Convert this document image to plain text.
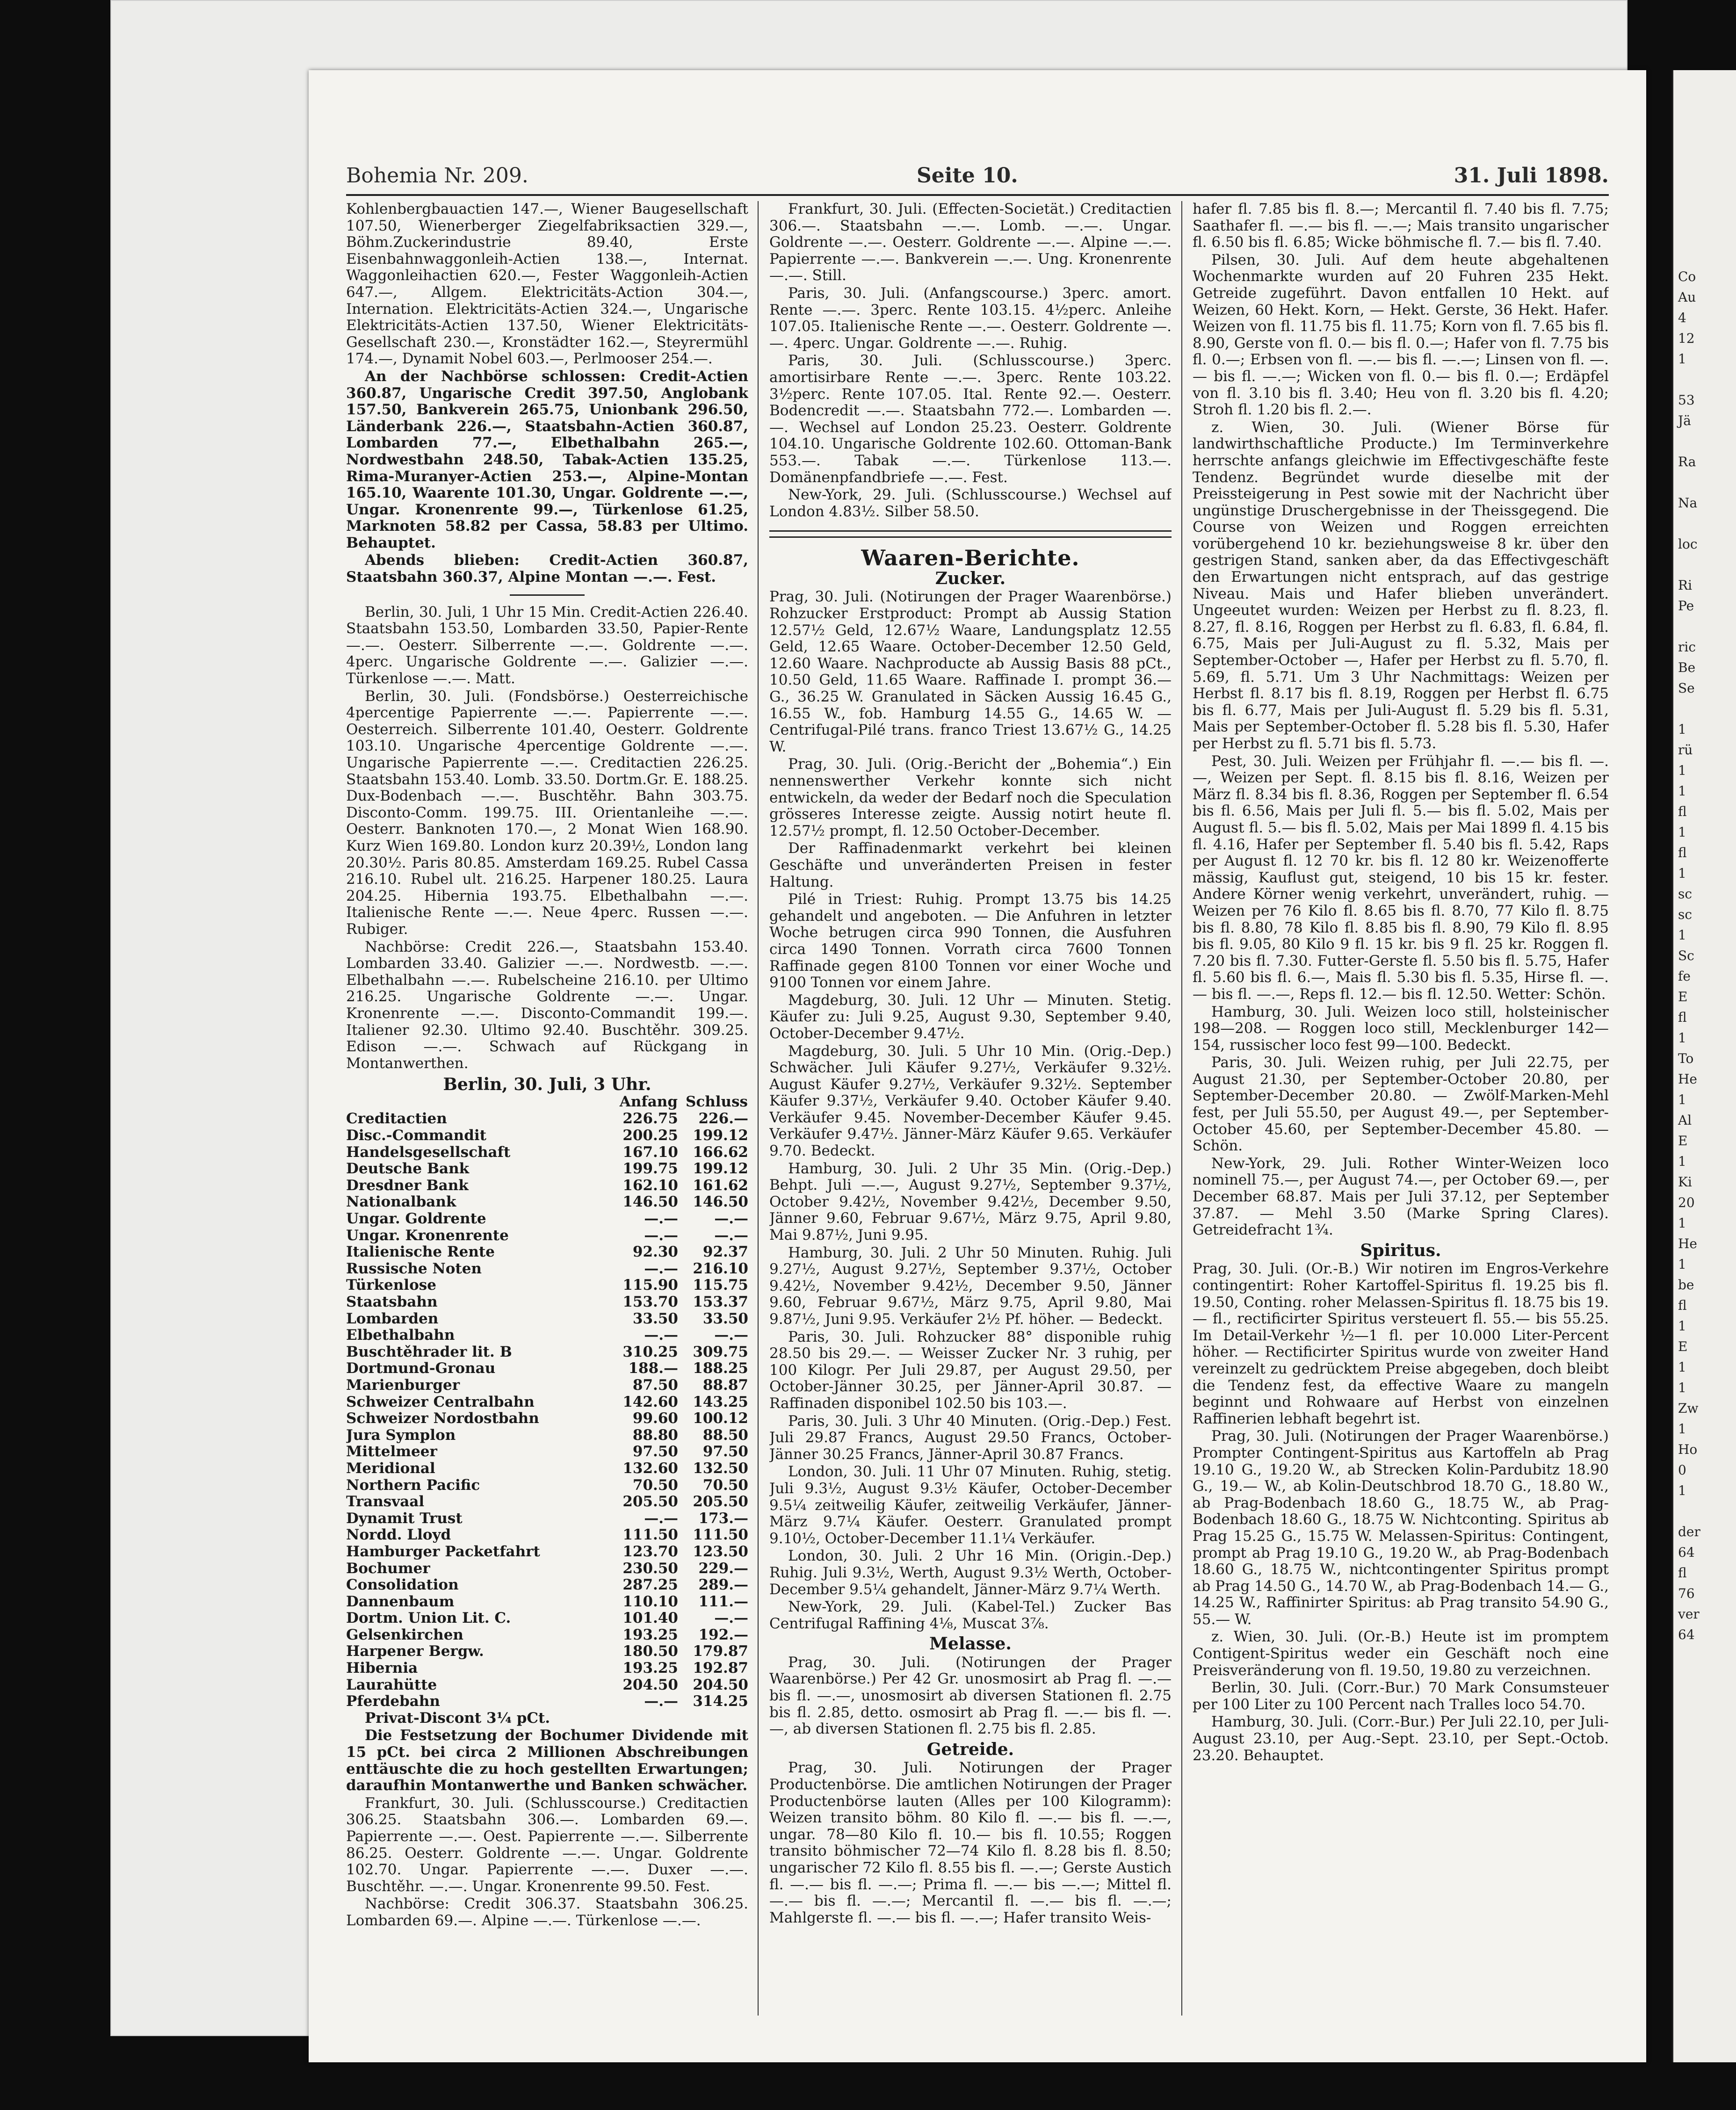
Bohemia Nr. 209.	Seite 10.	31. Juli 1898.

Kohlenbergbauactien 147.—, Wiener Baugesellschaft 107.50, Wienerberger Ziegelfabriksactien 329.—, Böhm.Zuckerindustrie 89.40, Erste Eisenbahnwaggonleih-Actien 138.—, Internat. Waggonleihactien 620.—, Fester Waggonleih-Actien 647.—, Allgem. Elektricitäts-Action 304.—, Internation. Elektricitäts-Actien 324.—, Ungarische Elektricitäts-Actien 137.50, Wiener Elektricitäts-Gesellschaft 230.—, Kronstädter 162.—, Steyrermühl 174.—, Dynamit Nobel 603.—, Perlmooser 254.—.

An der Nachbörse schlossen: Credit-Actien 360.87, Ungarische Credit 397.50, Anglobank 157.50, Bankverein 265.75, Unionbank 296.50, Länderbank 226.—, Staatsbahn-Actien 360.87, Lombarden 77.—, Elbethalbahn 265.—, Nordwestbahn 248.50, Tabak-Actien 135.25, Rima-Muranyer-Actien 253.—, Alpine-Montan 165.10, Waarente 101.30, Ungar. Goldrente —.—, Ungar. Kronenrente 99.—, Türkenlose 61.25, Marknoten 58.82 per Cassa, 58.83 per Ultimo. Behauptet.

Abends blieben: Credit-Actien 360.87, Staatsbahn 360.37, Alpine Montan —.—. Fest.

Berlin, 30. Juli, 1 Uhr 15 Min. Credit-Actien 226.40. Staatsbahn 153.50, Lombarden 33.50, Papier-Rente —.—. Oesterr. Silberrente —.—. Goldrente —.—. 4perc. Ungarische Goldrente —.—. Galizier —.—. Türkenlose —.—. Matt.

Berlin, 30. Juli. (Fondsbörse.) Oesterreichische 4percentige Papierrente —.—. Papierrente —.—. Oesterreich. Silberrente 101.40, Oesterr. Goldrente 103.10. Ungarische 4percentige Goldrente —.—. Ungarische Papierrente —.—. Creditactien 226.25. Staatsbahn 153.40. Lomb. 33.50. Dortm.Gr. E. 188.25. Dux-Bodenbach —.—. Buschtěhr. Bahn 303.75. Disconto-Comm. 199.75. III. Orientanleihe —.—. Oesterr. Banknoten 170.—, 2 Monat Wien 168.90. Kurz Wien 169.80. London kurz 20.39½, London lang 20.30½. Paris 80.85. Amsterdam 169.25. Rubel Cassa 216.10. Rubel ult. 216.25. Harpener 180.25. Laura 204.25. Hibernia 193.75. Elbethalbahn —.—. Italienische Rente —.—. Neue 4perc. Russen —.—. Rubiger.

Nachbörse: Credit 226.—, Staatsbahn 153.40. Lombarden 33.40. Galizier —.—. Nordwestb. —.—. Elbethalbahn —.—. Rubelscheine 216.10. per Ultimo 216.25. Ungarische Goldrente —.—. Ungar. Kronenrente —.—. Disconto-Commandit 199.—. Italiener 92.30. Ultimo 92.40. Buschtěhr. 309.25. Edison —.—. Schwach auf Rückgang in Montanwerthen.

Berlin, 30. Juli, 3 Uhr.
	Anfang	Schluss
Creditactien	226.75	226.—
Disc.-Commandit	200.25	199.12
Handelsgesellschaft	167.10	166.62
Deutsche Bank	199.75	199.12
Dresdner Bank	162.10	161.62
Nationalbank	146.50	146.50
Ungar. Goldrente	—.—	—.—
Ungar. Kronenrente	—.—	—.—
Italienische Rente	92.30	92.37
Russische Noten	—.—	216.10
Türkenlose	115.90	115.75
Staatsbahn	153.70	153.37
Lombarden	33.50	33.50
Elbethalbahn	—.—	—.—
Buschtěhrader lit. B	310.25	309.75
Dortmund-Gronau	188.—	188.25
Marienburger	87.50	88.87
Schweizer Centralbahn	142.60	143.25
Schweizer Nordostbahn	99.60	100.12
Jura Symplon	88.80	88.50
Mittelmeer	97.50	97.50
Meridional	132.60	132.50
Northern Pacific	70.50	70.50
Transvaal	205.50	205.50
Dynamit Trust	—.—	173.—
Nordd. Lloyd	111.50	111.50
Hamburger Packetfahrt	123.70	123.50
Bochumer	230.50	229.—
Consolidation	287.25	289.—
Dannenbaum	110.10	111.—
Dortm. Union Lit. C.	101.40	—.—
Gelsenkirchen	193.25	192.—
Harpener Bergw.	180.50	179.87
Hibernia	193.25	192.87
Laurahütte	204.50	204.50
Pferdebahn	—.—	314.25

Privat-Discont 3¼ pCt.

Die Festsetzung der Bochumer Dividende mit 15 pCt. bei circa 2 Millionen Abschreibungen enttäuschte die zu hoch gestellten Erwartungen; daraufhin Montanwerthe und Banken schwächer.

Frankfurt, 30. Juli. (Schlusscourse.) Creditactien 306.25. Staatsbahn 306.—. Lombarden 69.—. Papierrente —.—. Oest. Papierrente —.—. Silberrente 86.25. Oesterr. Goldrente —.—. Ungar. Goldrente 102.70. Ungar. Papierrente —.—. Duxer —.—. Buschtěhr. —.—. Ungar. Kronenrente 99.50. Fest.

Nachbörse: Credit 306.37. Staatsbahn 306.25. Lombarden 69.—. Alpine —.—. Türkenlose —.—.

Frankfurt, 30. Juli. (Effecten-Societät.) Creditactien 306.—. Staatsbahn —.—. Lomb. —.—. Ungar. Goldrente —.—. Oesterr. Goldrente —.—. Alpine —.—. Papierrente —.—. Bankverein —.—. Ung. Kronenrente —.—. Still.

Paris, 30. Juli. (Anfangscourse.) 3perc. amort. Rente —.—. 3perc. Rente 103.15. 4½perc. Anleihe 107.05. Italienische Rente —.—. Oesterr. Goldrente —.—. 4perc. Ungar. Goldrente —.—. Ruhig.

Paris, 30. Juli. (Schlusscourse.) 3perc. amortisirbare Rente —.—. 3perc. Rente 103.22. 3½perc. Rente 107.05. Ital. Rente 92.—. Oesterr. Bodencredit —.—. Staatsbahn 772.—. Lombarden —.—. Wechsel auf London 25.23. Oesterr. Goldrente 104.10. Ungarische Goldrente 102.60. Ottoman-Bank 553.—. Tabak —.—. Türkenlose 113.—. Domänenpfandbriefe —.—. Fest.

New-York, 29. Juli. (Schlusscourse.) Wechsel auf London 4.83½. Silber 58.50.

Waaren-Berichte.
Zucker.

Prag, 30. Juli. (Notirungen der Prager Waarenbörse.) Rohzucker Erstproduct: Prompt ab Aussig Station 12.57½ Geld, 12.67½ Waare, Landungsplatz 12.55 Geld, 12.65 Waare. October-December 12.50 Geld, 12.60 Waare. Nachproducte ab Aussig Basis 88 pCt., 10.50 Geld, 11.65 Waare. Raffinade I. prompt 36.— G., 36.25 W. Granulated in Säcken Aussig 16.45 G., 16.55 W., fob. Hamburg 14.55 G., 14.65 W. — Centrifugal-Pilé trans. franco Triest 13.67½ G., 14.25 W.

Prag, 30. Juli. (Orig.-Bericht der „Bohemia“.) Ein nennenswerther Verkehr konnte sich nicht entwickeln, da weder der Bedarf noch die Speculation grösseres Interesse zeigte. Aussig notirt heute fl. 12.57½ prompt, fl. 12.50 October-December.

Der Raffinadenmarkt verkehrt bei kleinen Geschäfte und unveränderten Preisen in fester Haltung.

Pilé in Triest: Ruhig. Prompt 13.75 bis 14.25 gehandelt und angeboten. — Die Anfuhren in letzter Woche betrugen circa 990 Tonnen, die Ausfuhren circa 1490 Tonnen. Vorrath circa 7600 Tonnen Raffinade gegen 8100 Tonnen vor einer Woche und 9100 Tonnen vor einem Jahre.

Magdeburg, 30. Juli. 12 Uhr — Minuten. Stetig. Käufer zu: Juli 9.25, August 9.30, September 9.40, October-December 9.47½.

Magdeburg, 30. Juli. 5 Uhr 10 Min. (Orig.-Dep.) Schwächer. Juli Käufer 9.27½, Verkäufer 9.32½. August Käufer 9.27½, Verkäufer 9.32½. September Käufer 9.37½, Verkäufer 9.40. October Käufer 9.40. Verkäufer 9.45. November-December Käufer 9.45. Verkäufer 9.47½. Jänner-März Käufer 9.65. Verkäufer 9.70. Bedeckt.

Hamburg, 30. Juli. 2 Uhr 35 Min. (Orig.-Dep.) Behpt. Juli —.—, August 9.27½, September 9.37½, October 9.42½, November 9.42½, December 9.50, Jänner 9.60, Februar 9.67½, März 9.75, April 9.80, Mai 9.87½, Juni 9.95.

Hamburg, 30. Juli. 2 Uhr 50 Minuten. Ruhig. Juli 9.27½, August 9.27½, September 9.37½, October 9.42½, November 9.42½, December 9.50, Jänner 9.60, Februar 9.67½, März 9.75, April 9.80, Mai 9.87½, Juni 9.95. Verkäufer 2½ Pf. höher. — Bedeckt.

Paris, 30. Juli. Rohzucker 88° disponible ruhig 28.50 bis 29.—. — Weisser Zucker Nr. 3 ruhig, per 100 Kilogr. Per Juli 29.87, per August 29.50, per October-Jänner 30.25, per Jänner-April 30.87. — Raffinaden disponibel 102.50 bis 103.—.

Paris, 30. Juli. 3 Uhr 40 Minuten. (Orig.-Dep.) Fest. Juli 29.87 Francs, August 29.50 Francs, October-Jänner 30.25 Francs, Jänner-April 30.87 Francs.

London, 30. Juli. 11 Uhr 07 Minuten. Ruhig, stetig. Juli 9.3½, August 9.3½ Käufer, October-December 9.5¼ zeitweilig Käufer, zeitweilig Verkäufer, Jänner-März 9.7¼ Käufer. Oesterr. Granulated prompt 9.10½, October-December 11.1¼ Verkäufer.

London, 30. Juli. 2 Uhr 16 Min. (Origin.-Dep.) Ruhig. Juli 9.3½, Werth, August 9.3½ Werth, October-December 9.5¼ gehandelt, Jänner-März 9.7¼ Werth.

New-York, 29. Juli. (Kabel-Tel.) Zucker Bas Centrifugal Raffining 4⅛, Muscat 3⅞.

Melasse.

Prag, 30. Juli. (Notirungen der Prager Waarenbörse.) Per 42 Gr. unosmosirt ab Prag fl. —.— bis fl. —.—, unosmosirt ab diversen Stationen fl. 2.75 bis fl. 2.85, detto. osmosirt ab Prag fl. —.— bis fl. —.—, ab diversen Stationen fl. 2.75 bis fl. 2.85.

Getreide.

Prag, 30. Juli. Notirungen der Prager Productenbörse. Die amtlichen Notirungen der Prager Productenbörse lauten (Alles per 100 Kilogramm): Weizen transito böhm. 80 Kilo fl. —.— bis fl. —.—, ungar. 78—80 Kilo fl. 10.— bis fl. 10.55; Roggen transito böhmischer 72—74 Kilo fl. 8.28 bis fl. 8.50; ungarischer 72 Kilo fl. 8.55 bis fl. —.—; Gerste Austich fl. —.— bis fl. —.—; Prima fl. —.— bis —.—; Mittel fl. —.— bis fl. —.—; Mercantil fl. —.— bis fl. —.—; Mahlgerste fl. —.— bis fl. —.—; Hafer transito Weis-

hafer fl. 7.85 bis fl. 8.—; Mercantil fl. 7.40 bis fl. 7.75; Saathafer fl. —.— bis fl. —.—; Mais transito ungarischer fl. 6.50 bis fl. 6.85; Wicke böhmische fl. 7.— bis fl. 7.40.

Pilsen, 30. Juli. Auf dem heute abgehaltenen Wochenmarkte wurden auf 20 Fuhren 235 Hekt. Getreide zugeführt. Davon entfallen 10 Hekt. auf Weizen, 60 Hekt. Korn, — Hekt. Gerste, 36 Hekt. Hafer. Weizen von fl. 11.75 bis fl. 11.75; Korn von fl. 7.65 bis fl. 8.90, Gerste von fl. 0.— bis fl. 0.—; Hafer von fl. 7.75 bis fl. 0.—; Erbsen von fl. —.— bis fl. —.—; Linsen von fl. —.— bis fl. —.—; Wicken von fl. 0.— bis fl. 0.—; Erdäpfel von fl. 3.10 bis fl. 3.40; Heu von fl. 3.20 bis fl. 4.20; Stroh fl. 1.20 bis fl. 2.—.

z. Wien, 30. Juli. (Wiener Börse für landwirthschaftliche Producte.) Im Terminverkehre herrschte anfangs gleichwie im Effectivgeschäfte feste Tendenz. Begründet wurde dieselbe mit der Preissteigerung in Pest sowie mit der Nachricht über ungünstige Druschergebnisse in der Theissgegend. Die Course von Weizen und Roggen erreichten vorübergehend 10 kr. beziehungsweise 8 kr. über den gestrigen Stand, sanken aber, da das Effectivgeschäft den Erwartungen nicht entsprach, auf das gestrige Niveau. Mais und Hafer blieben unverändert. Ungeeutet wurden: Weizen per Herbst zu fl. 8.23, fl. 8.27, fl. 8.16, Roggen per Herbst zu fl. 6.83, fl. 6.84, fl. 6.75, Mais per Juli-August zu fl. 5.32, Mais per September-October —, Hafer per Herbst zu fl. 5.70, fl. 5.69, fl. 5.71. Um 3 Uhr Nachmittags: Weizen per Herbst fl. 8.17 bis fl. 8.19, Roggen per Herbst fl. 6.75 bis fl. 6.77, Mais per Juli-August fl. 5.29 bis fl. 5.31, Mais per September-October fl. 5.28 bis fl. 5.30, Hafer per Herbst zu fl. 5.71 bis fl. 5.73.

Pest, 30. Juli. Weizen per Frühjahr fl. —.— bis fl. —.—, Weizen per Sept. fl. 8.15 bis fl. 8.16, Weizen per März fl. 8.34 bis fl. 8.36, Roggen per September fl. 6.54 bis fl. 6.56, Mais per Juli fl. 5.— bis fl. 5.02, Mais per August fl. 5.— bis fl. 5.02, Mais per Mai 1899 fl. 4.15 bis fl. 4.16, Hafer per September fl. 5.40 bis fl. 5.42, Raps per August fl. 12 70 kr. bis fl. 12 80 kr. Weizenofferte mässig, Kauflust gut, steigend, 10 bis 15 kr. fester. Andere Körner wenig verkehrt, unverändert, ruhig. — Weizen per 76 Kilo fl. 8.65 bis fl. 8.70, 77 Kilo fl. 8.75 bis fl. 8.80, 78 Kilo fl. 8.85 bis fl. 8.90, 79 Kilo fl. 8.95 bis fl. 9.05, 80 Kilo 9 fl. 15 kr. bis 9 fl. 25 kr. Roggen fl. 7.20 bis fl. 7.30. Futter-Gerste fl. 5.50 bis fl. 5.75, Hafer fl. 5.60 bis fl. 6.—, Mais fl. 5.30 bis fl. 5.35, Hirse fl. —.— bis fl. —.—, Reps fl. 12.— bis fl. 12.50. Wetter: Schön.

Hamburg, 30. Juli. Weizen loco still, holsteinischer 198—208. — Roggen loco still, Mecklenburger 142—154, russischer loco fest 99—100. Bedeckt.

Paris, 30. Juli. Weizen ruhig, per Juli 22.75, per August 21.30, per September-October 20.80, per September-December 20.80. — Zwölf-Marken-Mehl fest, per Juli 55.50, per August 49.—, per September-October 45.60, per September-December 45.80. — Schön.

New-York, 29. Juli. Rother Winter-Weizen loco nominell 75.—, per August 74.—, per October 69.—, per December 68.87. Mais per Juli 37.12, per September 37.87. — Mehl 3.50 (Marke Spring Clares). Getreidefracht 1¾.

Spiritus.

Prag, 30. Juli. (Or.-B.) Wir notiren im Engros-Verkehre contingentirt: Roher Kartoffel-Spiritus fl. 19.25 bis fl. 19.50, Conting. roher Melassen-Spiritus fl. 18.75 bis 19.— fl., rectificirter Spiritus versteuert fl. 55.— bis 55.25. Im Detail-Verkehr ½—1 fl. per 10.000 Liter-Percent höher. — Rectificirter Spiritus wurde von zweiter Hand vereinzelt zu gedrücktem Preise abgegeben, doch bleibt die Tendenz fest, da effective Waare zu mangeln beginnt und Rohwaare auf Herbst von einzelnen Raffinerien lebhaft begehrt ist.

Prag, 30. Juli. (Notirungen der Prager Waarenbörse.) Prompter Contingent-Spiritus aus Kartoffeln ab Prag 19.10 G., 19.20 W., ab Strecken Kolin-Pardubitz 18.90 G., 19.— W., ab Kolin-Deutschbrod 18.70 G., 18.80 W., ab Prag-Bodenbach 18.60 G., 18.75 W., ab Prag-Bodenbach 18.60 G., 18.75 W. Nichtconting. Spiritus ab Prag 15.25 G., 15.75 W. Melassen-Spiritus: Contingent, prompt ab Prag 19.10 G., 19.20 W., ab Prag-Bodenbach 18.60 G., 18.75 W., nichtcontingenter Spiritus prompt ab Prag 14.50 G., 14.70 W., ab Prag-Bodenbach 14.— G., 14.25 W., Raffinirter Spiritus: ab Prag transito 54.90 G., 55.— W.

z. Wien, 30. Juli. (Or.-B.) Heute ist im promptem Contigent-Spiritus weder ein Geschäft noch eine Preisveränderung von fl. 19.50, 19.80 zu verzeichnen.

Berlin, 30. Juli. (Corr.-Bur.) 70 Mark Consumsteuer per 100 Liter zu 100 Percent nach Tralles loco 54.70.

Hamburg, 30. Juli. (Corr.-Bur.) Per Juli 22.10, per Juli-August 23.10, per Aug.-Sept. 23.10, per Sept.-Octob. 23.20. Behauptet.

Co
Au
4
12
1

53
Jä

Ra

Na

loc

Ri
Pe

ric
Be
Se

1
rü
1
1
fl
1
fl
1
sc
sc
1
Sc
fe
E
fl
1
To
He
1
Al
E
1
Ki
20
1
He
1
be
fl
1
E
1
1
Zw
1
Ho
0
1

der
64
fl
76
ver
64
